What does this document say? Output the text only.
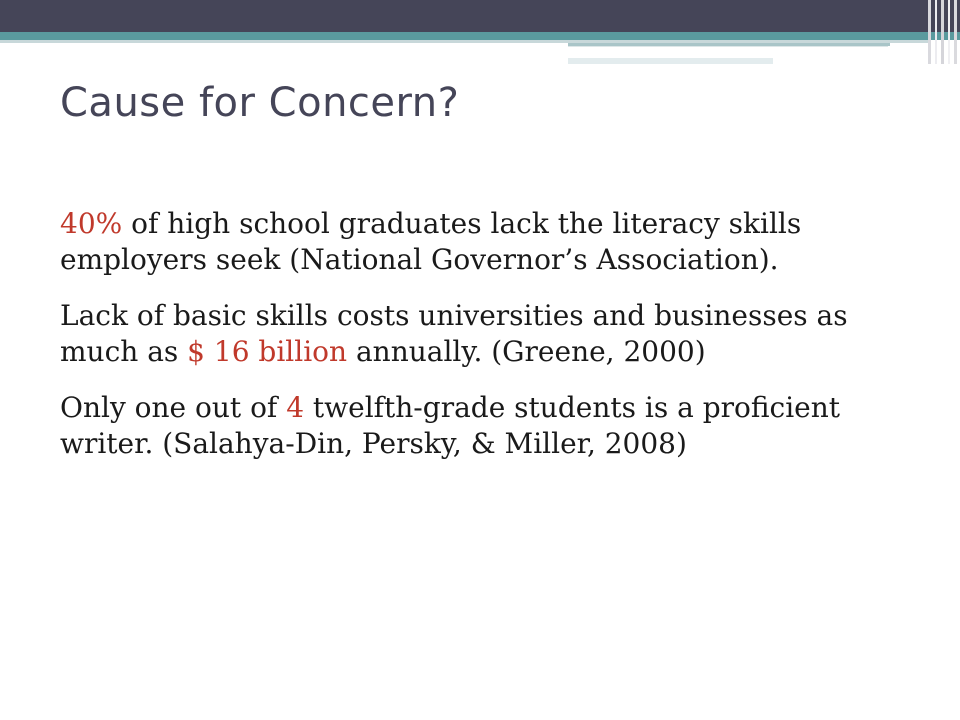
Cause for Concern?

40% of high school graduates lack the literacy skills employers seek (National Governor’s Association).

Lack of basic skills costs universities and businesses as much as $ 16 billion annually. (Greene, 2000)

Only one out of 4 twelfth-grade students is a proficient writer. (Salahya-Din, Persky, & Miller, 2008)
